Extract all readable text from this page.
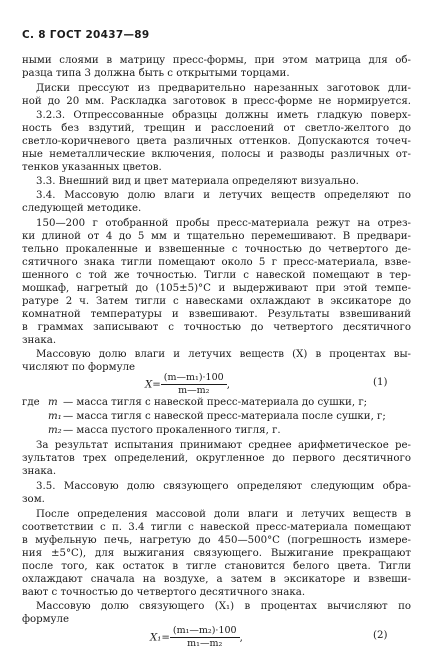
С. 8 ГОСТ 20437—89
ными слоями в матрицу пресс-формы, при этом матрица для об-
разца типа 3 должна быть с открытыми торцами.
Диски прессуют из предварительно нарезанных заготовок дли-
ной до 20 мм. Раскладка заготовок в пресс-форме не нормируется.
3.2.3. Отпрессованные образцы должны иметь гладкую поверх-
ность без вздутий, трещин и расслоений от светло-желтого до
светло-коричневого цвета различных оттенков. Допускаются точеч-
ные неметаллические включения, полосы и разводы различных от-
тенков указанных цветов.
3.3. Внешний вид и цвет материала определяют визуально.
3.4. Массовую долю влаги и летучих веществ определяют по
следующей методике.
150—200 г отобранной пробы пресс-материала режут на отрез-
ки длиной от 4 до 5 мм и тщательно перемешивают. В предвари-
тельно прокаленные и взвешенные с точностью до четвертого де-
сятичного знака тигли помещают около 5 г пресс-материала, взве-
шенного с той же точностью. Тигли с навеской помещают в тер-
мошкаф, нагретый до (105±5)°С и выдерживают при этой темпе-
ратуре 2 ч. Затем тигли с навесками охлаждают в эксикаторе до
комнатной температуры и взвешивают. Результаты взвешиваний
в граммах записывают с точностью до четвертого десятичного
знака.
Массовую долю влаги и летучих веществ (X) в процентах вы-
числяют по формуле
За результат испытания принимают среднее арифметическое ре-
зультатов трех определений, округленное до первого десятичного
знака.
3.5. Массовую долю связующего определяют следующим обра-
зом.
После определения массовой доли влаги и летучих веществ в
соответствии с п. 3.4 тигли с навеской пресс-материала помещают
в муфельную печь, нагретую до 450—500°С (погрешность измере-
ния ±5°С), для выжигания связующего. Выжигание прекращают
после того, как остаток в тигле становится белого цвета. Тигли
охлаждают сначала на воздухе, а затем в эксикаторе и взвеши-
вают с точностью до четвертого десятичного знака.
Массовую долю связующего (X₁) в процентах вычисляют по
формуле
$X= \frac{\text{(m—m₁)·100}}{\text{m—m₂}}$ ,	(1)
где m — масса тигля с навеской пресс-материала до сушки, г;
m₁ — масса тигля с навеской пресс-материала после сушки, г;
m₂ — масса пустого прокаленного тигля, г.
$X_1= \frac{\text{(m₁—m₂)·100}}{\text{m₁—m₂}}$ ,	(2)
